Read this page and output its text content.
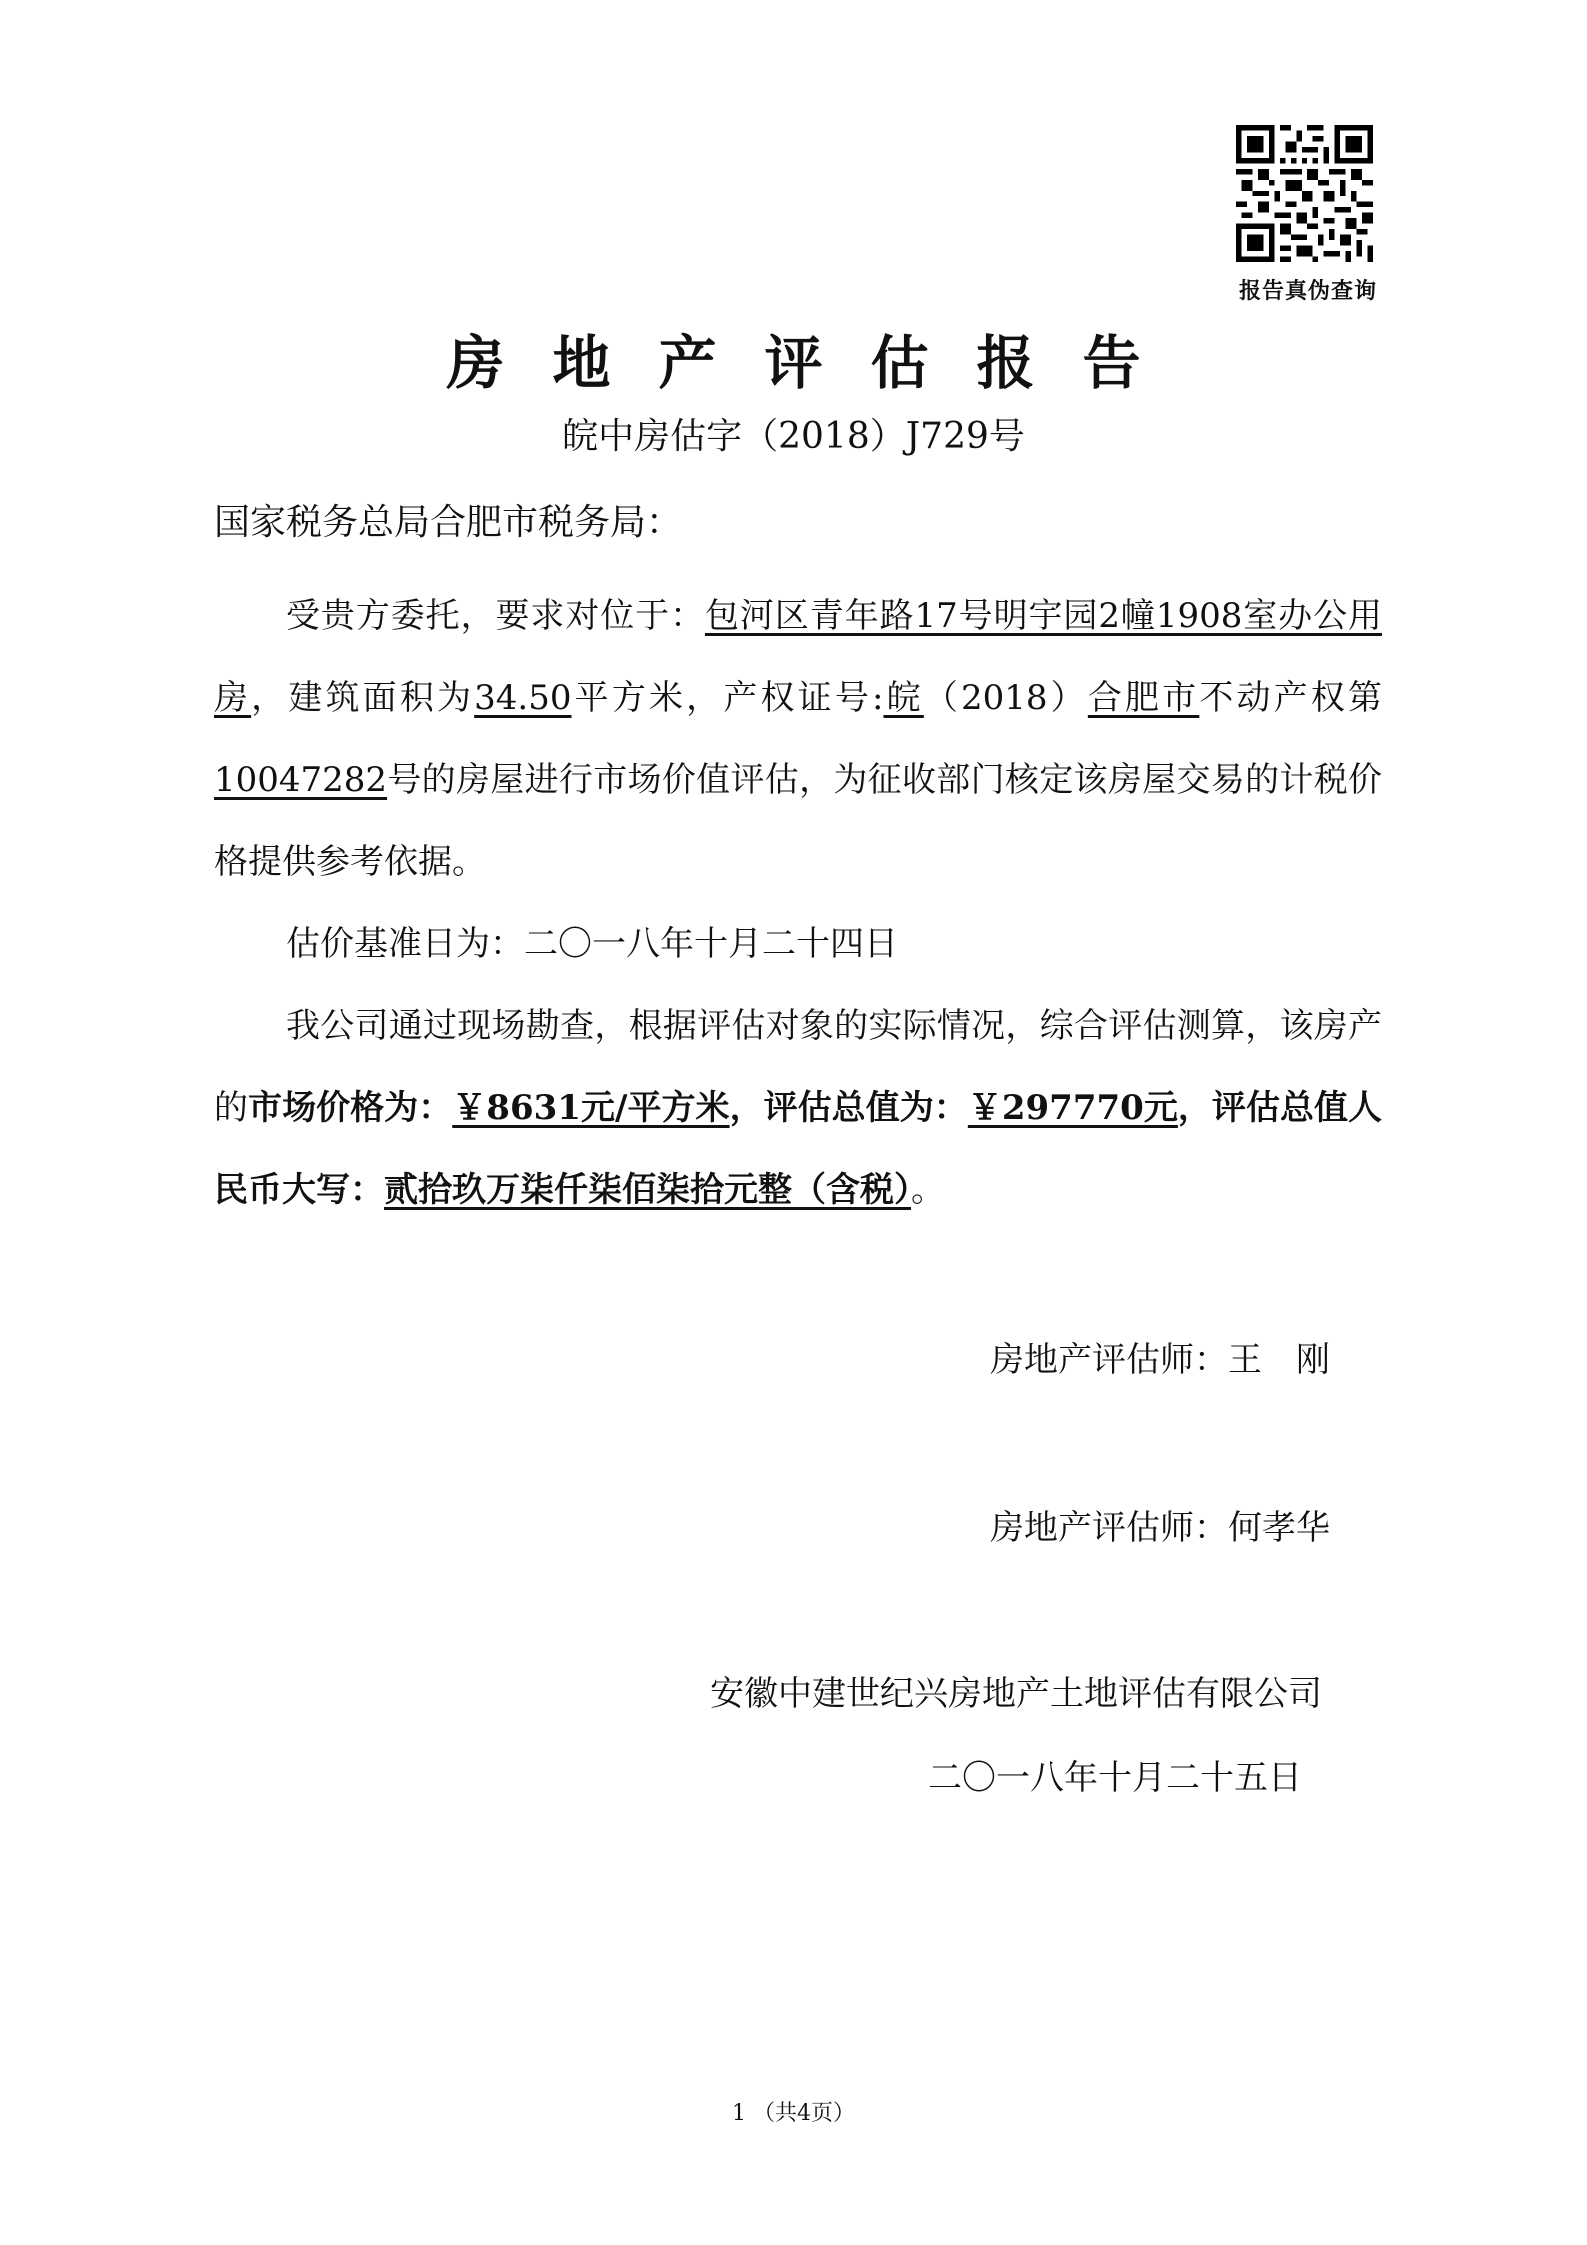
报告真伪查询
房地产评估报告
皖中房估字（2018）J729号
国家税务总局合肥市税务局：

受贵方委托，要求对位于：包河区青年路17号明宇园2幢1908室办公用房，建筑面积为34.50平方米，产权证号:皖（2018）合肥市不动产权第10047282号的房屋进行市场价值评估，为征收部门核定该房屋交易的计税价格提供参考依据。

估价基准日为：二〇一八年十月二十四日

我公司通过现场勘查，根据评估对象的实际情况，综合评估测算，该房产的市场价格为：￥8631元/平方米，评估总值为：￥297770元，评估总值人民币大写：贰拾玖万柒仟柒佰柒拾元整（含税）。

房地产评估师：王　刚
房地产评估师：何孝华
安徽中建世纪兴房地产土地评估有限公司
二〇一八年十月二十五日
1 （共4页）
